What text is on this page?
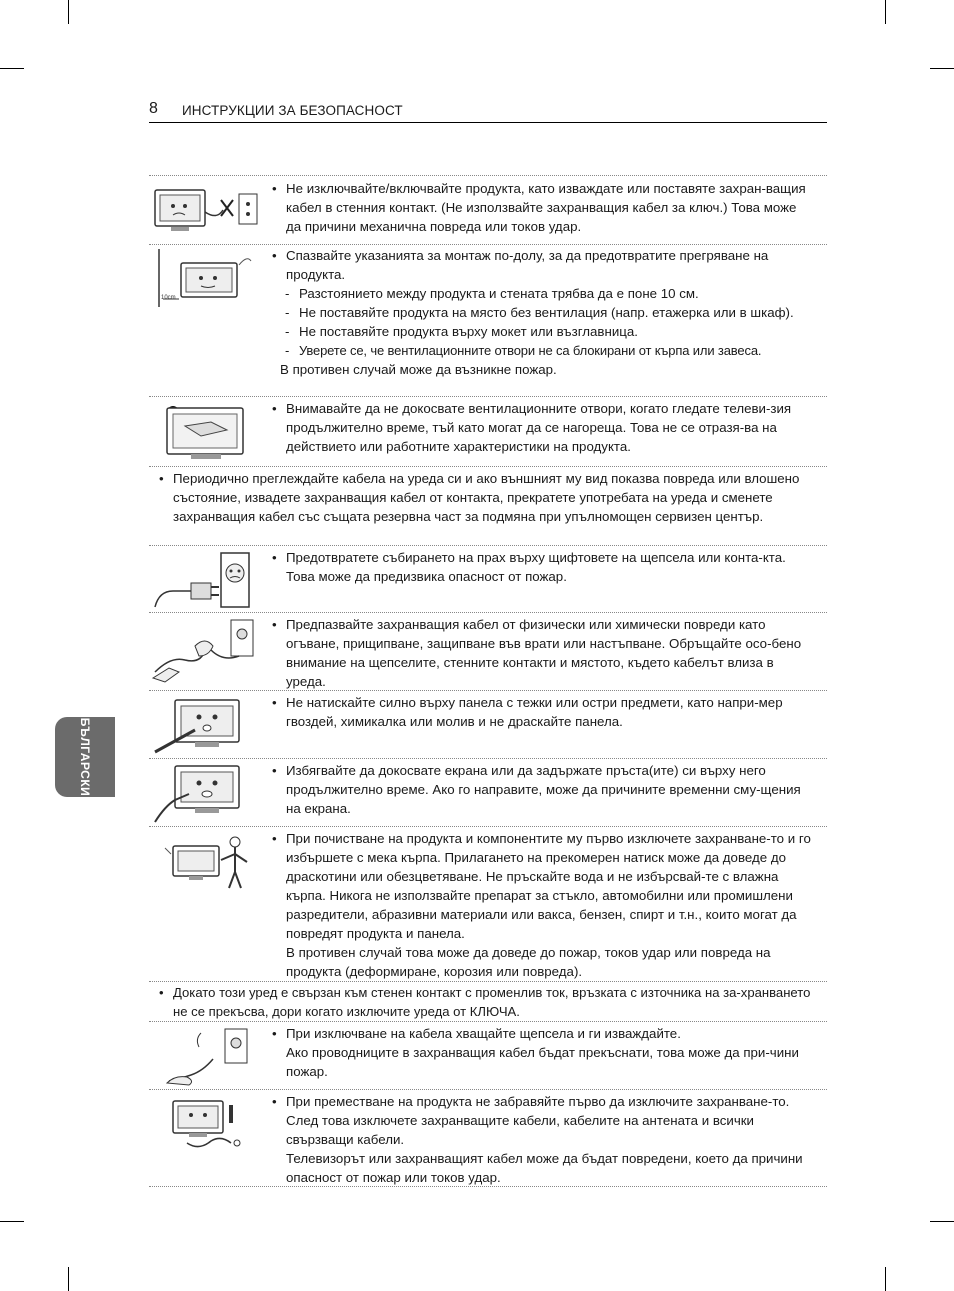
8 ИНСТРУКЦИИ ЗА БЕЗОПАСНОСТ
БЪЛГАРСКИ

• Не изключвайте/включвайте продукта, като изваждате или поставяте захран-ващия кабел в стенния контакт. (Не използвайте захранващия кабел за ключ.) Това може да причини механична повреда или токов удар.

10cm

• Спазвайте указанията за монтаж по-долу, за да предотвратите прегряване на продукта.

- Разстоянието между продукта и стената трябва да е поне 10 см.

- Не поставяйте продукта на място без вентилация (напр. етажерка или в шкаф).

- Не поставяйте продукта върху мокет или възглавница.

- Уверете се, че вентилационните отвори не са блокирани от кърпа или завеса.

В противен случай може да възникне пожар.

• Внимавайте да не докосвате вентилационните отвори, когато гледате телеви-зия продължително време, тъй като могат да се нагореща. Това не се отразя-ва на действието или работните характеристики на продукта.

• Периодично преглеждайте кабела на уреда си и ако външният му вид показва повреда или влошено състояние, извадете захранващия кабел от контакта, прекратете употребата на уреда и сменете захранващия кабел със същата резервна част за подмяна при упълномощен сервизен център.

• Предотвратете събирането на прах върху щифтовете на щепсела или конта-кта.

Това може да предизвика опасност от пожар.

• Предпазвайте захранващия кабел от физически или химически повреди като огъване, прищипване, защипване във врати или настъпване. Обръщайте осо-бено внимание на щепселите, стенните контакти и мястото, където кабелът влиза в уреда.

• Не натискайте силно върху панела с тежки или остри предмети, като напри-мер гвоздей, химикалка или молив и не драскайте панела.

• Избягвайте да докосвате екрана или да задържате пръста(ите) си върху него продължително време. Ако го направите, може да причините временни сму-щения на екрана.

• При почистване на продукта и компонентите му първо изключете захранване-то и го избършете с мека кърпа. Прилагането на прекомерен натиск може да доведе до драскотини или обезцветяване. Не пръскайте вода и не избърсвай-те с влажна кърпа. Никога не използвайте препарат за стъкло, автомобилни или промишлени разредители, абразивни материали или вакса, бензен, спирт и т.н., които могат да повредят продукта и панела.

В противен случай това може да доведе до пожар, токов удар или повреда на продукта (деформиране, корозия или повреда).

• Докато този уред е свързан към стенен контакт с променлив ток, връзката с източника на за-хранването не се прекъсва, дори когато изключите уреда от КЛЮЧА.

• При изключване на кабела хващайте щепсела и ги изваждайте.

Ако проводниците в захранващия кабел бъдат прекъснати, това може да при-чини пожар.

• При преместване на продукта не забравяйте първо да изключите захранване-то. След това изключете захранващите кабели, кабелите на антената и всички свързващи кабели.

Телевизорът или захранващият кабел може да бъдат повредени, което да причини опасност от пожар или токов удар.
